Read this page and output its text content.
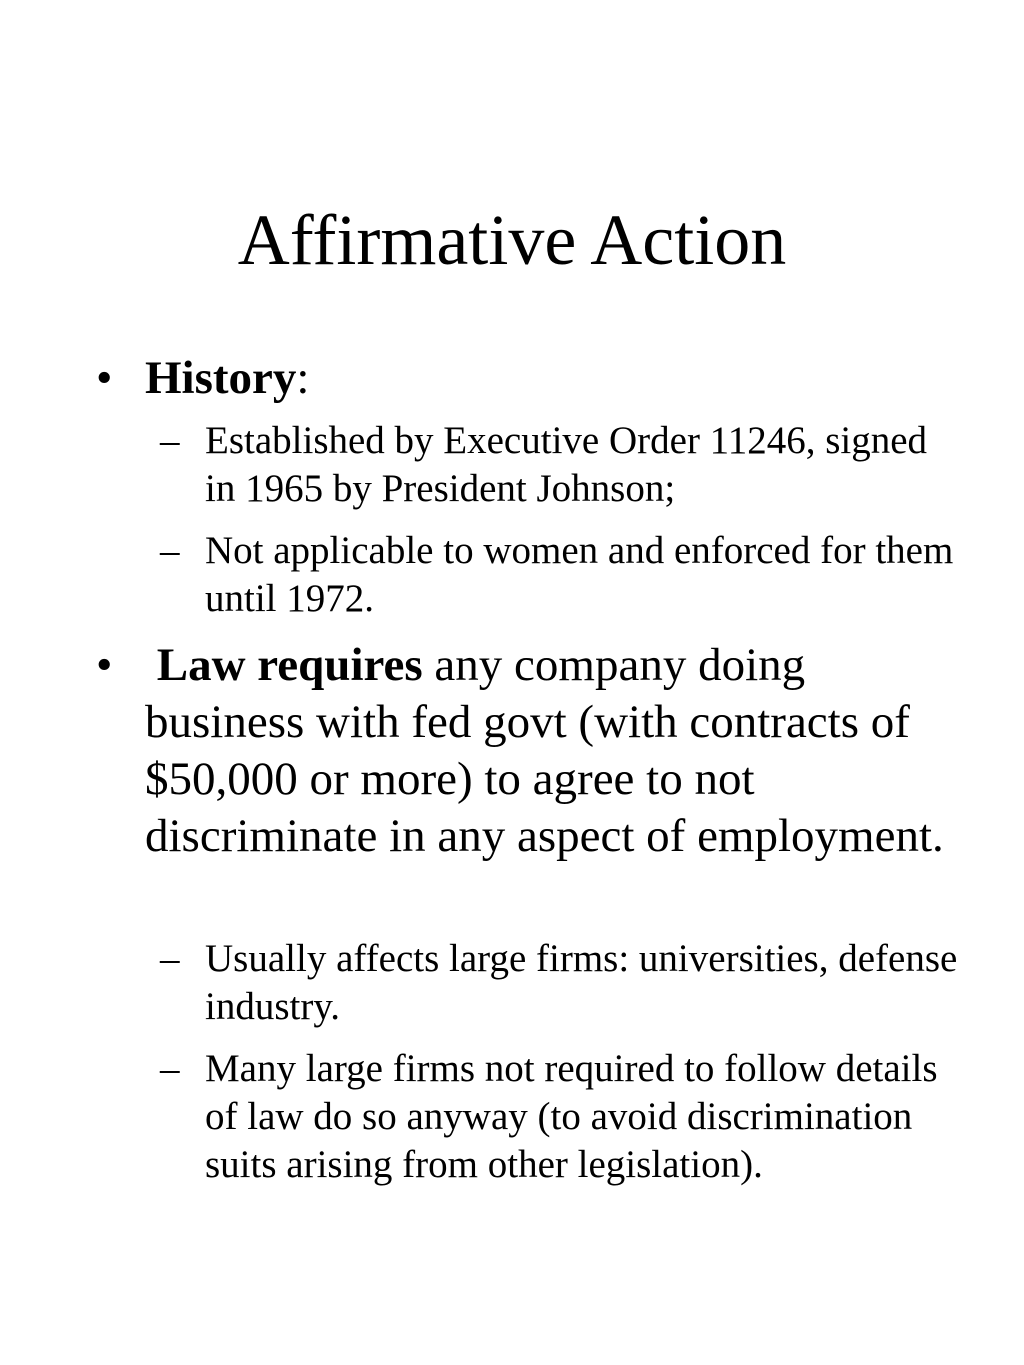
Affirmative Action
• History:
– Established by Executive Order 11246, signed in 1965 by President Johnson;
– Not applicable to women and enforced for them until 1972.
• Law requires any company doing business with fed govt (with contracts of $50,000 or more) to agree to not discriminate in any aspect of employment.
– Usually affects large firms: universities, defense industry.
– Many large firms not required to follow details of law do so anyway (to avoid discrimination suits arising from other legislation).
